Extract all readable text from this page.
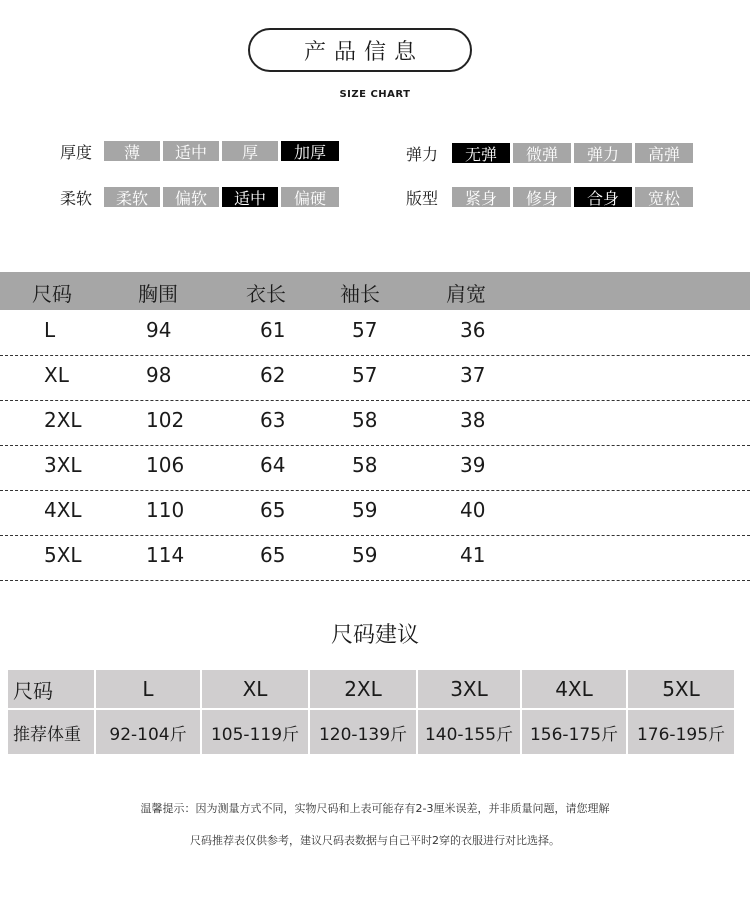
产品信息
SIZE CHART
厚度	薄	适中	厚	加厚
柔软	柔软	偏软	适中	偏硬
弹力	无弹	微弹	弹力	高弹
版型	紧身	修身	合身	宽松
尺码	胸围	衣长	袖长	肩宽
L	94	61	57	36
XL	98	62	57	37
2XL	102	63	58	38
3XL	106	64	58	39
4XL	110	65	59	40
5XL	114	65	59	41
尺码建议
尺码	L	XL	2XL	3XL	4XL	5XL
推荐体重	92-104斤	105-119斤	120-139斤	140-155斤 156-175斤	176-195斤
温馨提示：因为测量方式不同，实物尺码和上表可能存有2-3厘米误差，并非质量问题，请您理解
尺码推荐表仅供参考，建议尺码表数据与自己平时2穿的衣服进行对比选择。
